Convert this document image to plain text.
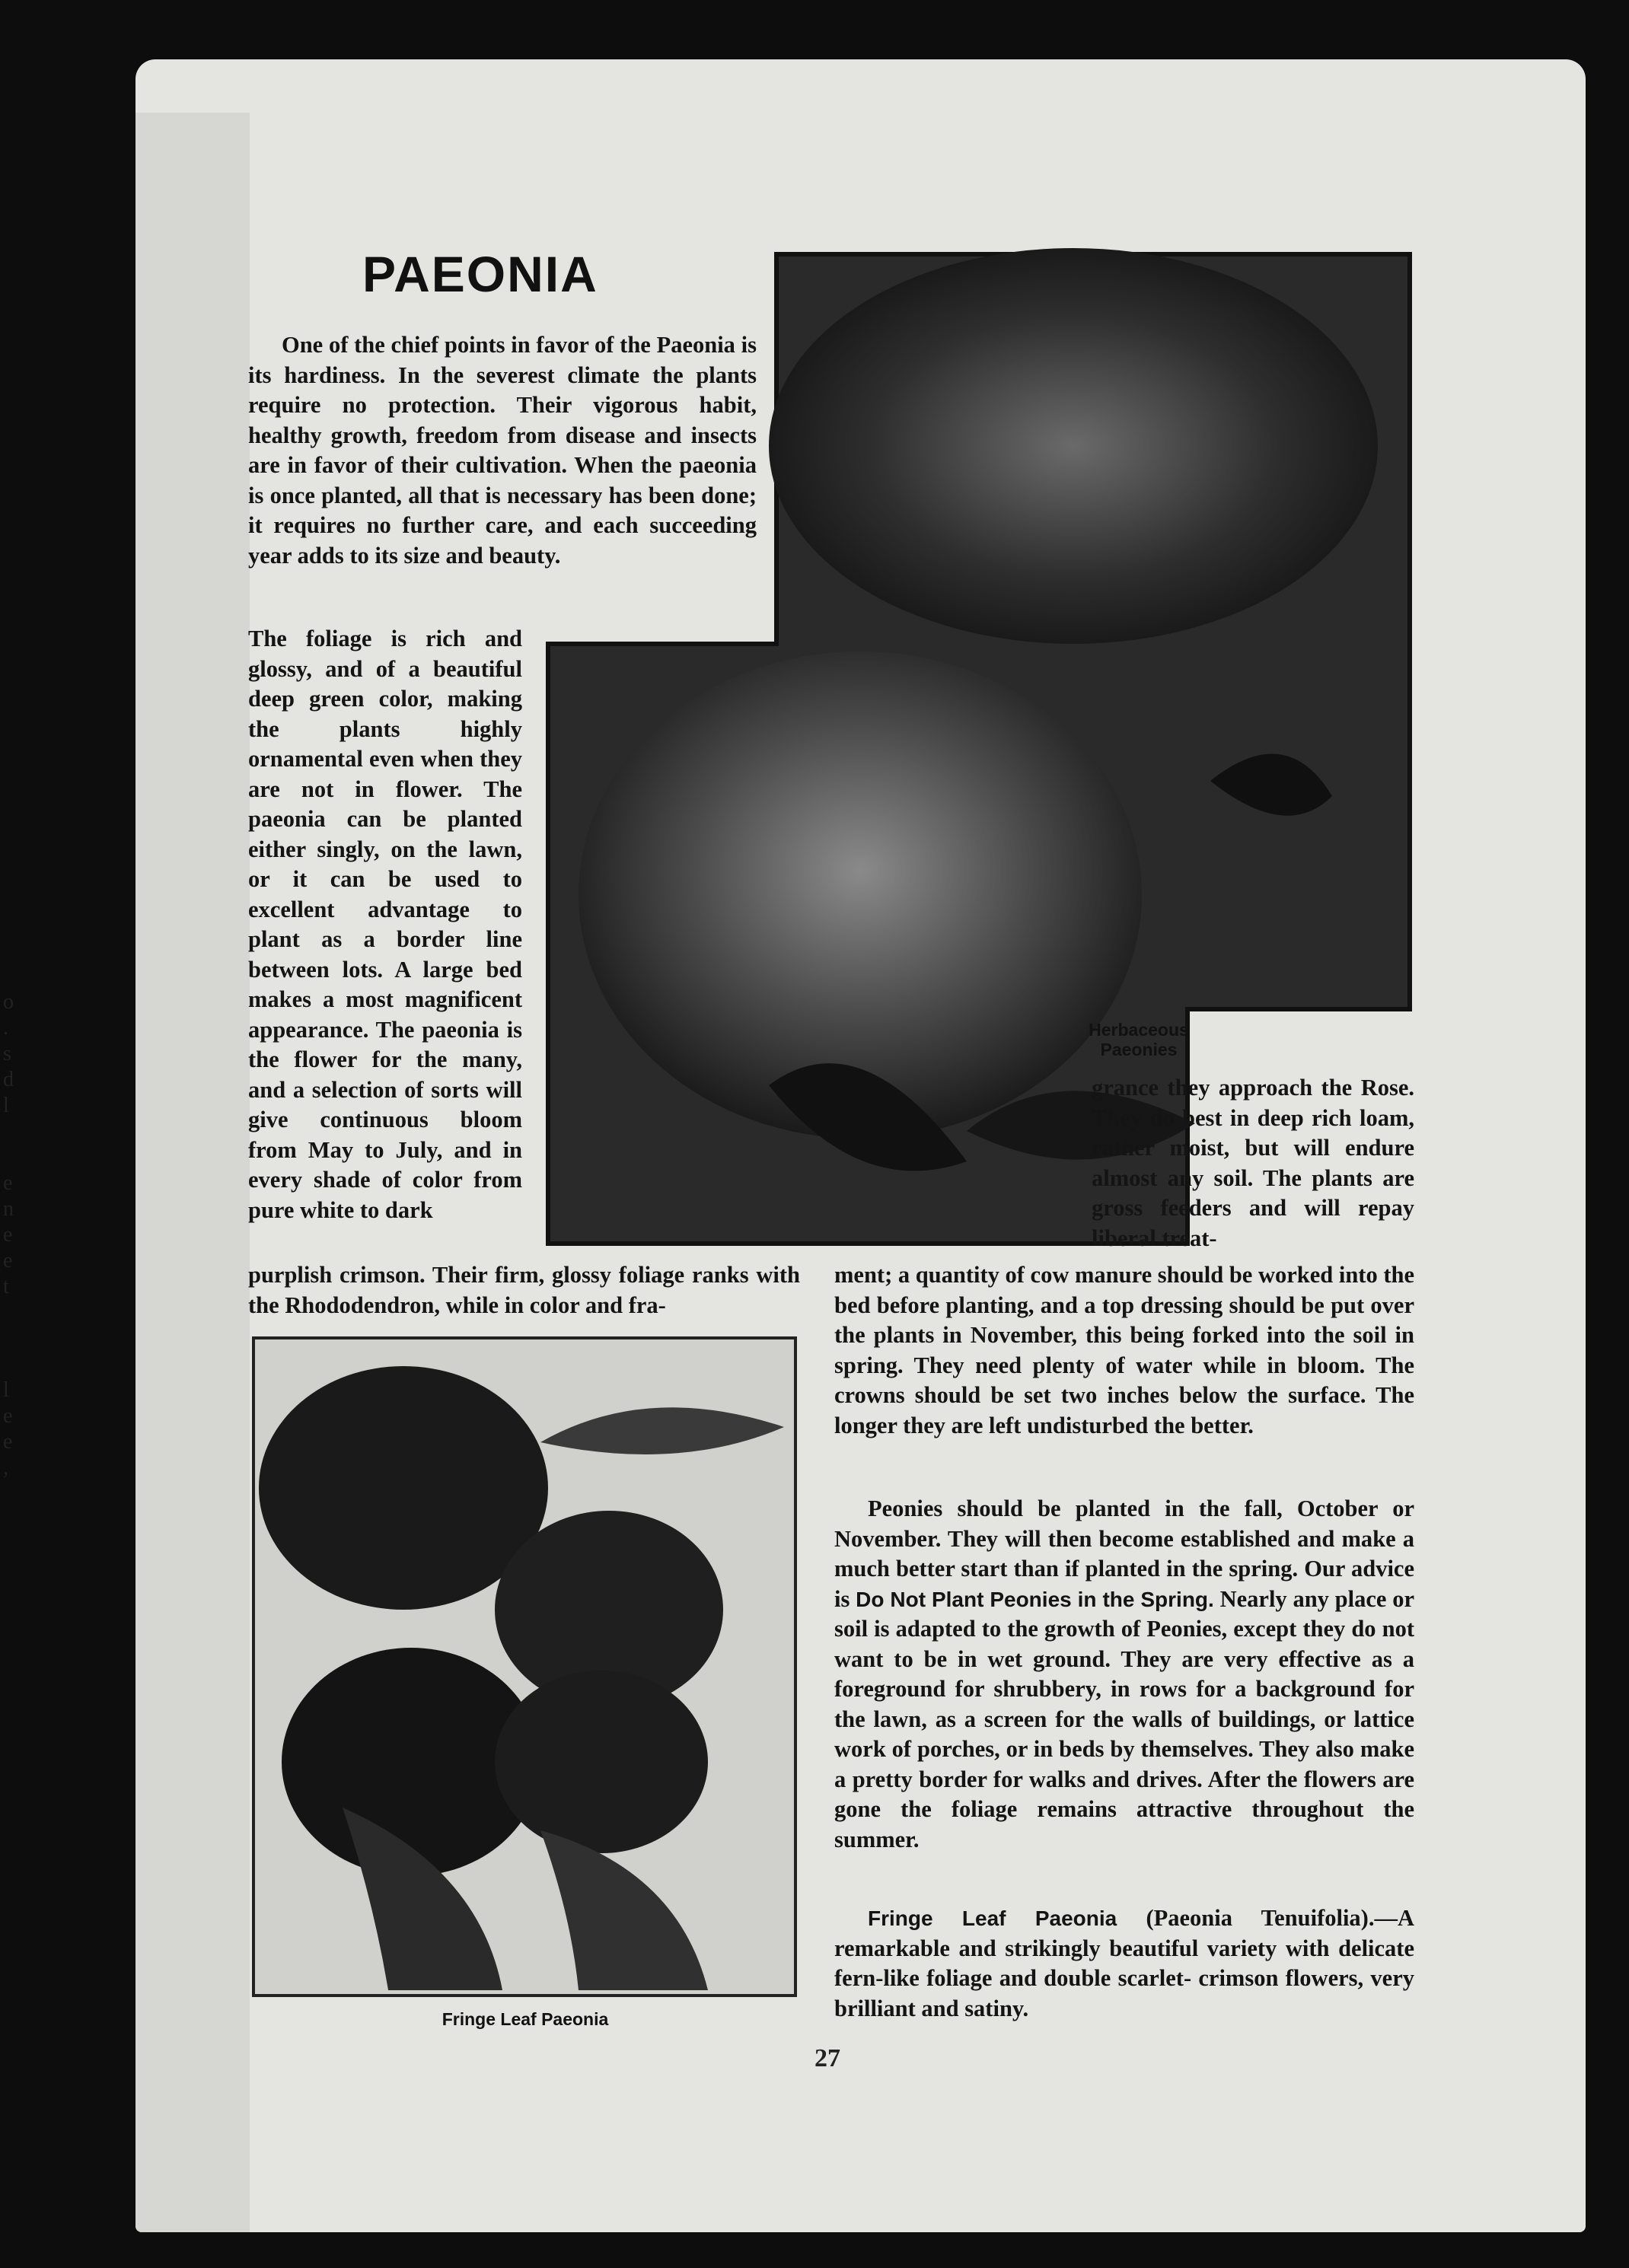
o
.
s
d
l

e
n
e
e
t

l
e
e
,
PAEONIA
One of the chief points in favor of the Paeonia is its hardiness. In the severest climate the plants require no protection. Their vigorous habit, healthy growth, freedom from disease and insects are in favor of their cultivation. When the paeonia is once planted, all that is necessary has been done; it requires no further care, and each succeeding year adds to its size and beauty.
The foliage is rich and glossy, and of a beautiful deep green color, making the plants highly ornamental even when they are not in flower. The paeonia can be planted either singly, on the lawn, or it can be used to excellent advantage to plant as a border line between lots. A large bed makes a most magnificent appearance. The paeonia is the flower for the many, and a selection of sorts will give continuous bloom from May to July, and in every shade of color from pure white to dark
purplish crimson. Their firm, glossy foliage ranks with the Rhododendron, while in color and fra-
Herbaceous Paeonies
grance they approach the Rose. They do best in deep rich loam, rather moist, but will endure almost any soil. The plants are gross feeders and will repay liberal treat-
ment; a quantity of cow manure should be worked into the bed before planting, and a top dressing should be put over the plants in November, this being forked into the soil in spring. They need plenty of water while in bloom. The crowns should be set two inches below the surface. The longer they are left undisturbed the better.
Peonies should be planted in the fall, October or November. They will then become established and make a much better start than if planted in the spring. Our advice is Do Not Plant Peonies in the Spring. Nearly any place or soil is adapted to the growth of Peonies, except they do not want to be in wet ground. They are very effective as a foreground for shrubbery, in rows for a background for the lawn, as a screen for the walls of buildings, or lattice work of porches, or in beds by themselves. They also make a pretty border for walks and drives. After the flowers are gone the foliage remains attractive throughout the summer.
Fringe Leaf Paeonia (Paeonia Tenuifolia).—A remarkable and strikingly beautiful variety with delicate fern-like foliage and double scarlet- crimson flowers, very brilliant and satiny.
Fringe Leaf Paeonia
27
